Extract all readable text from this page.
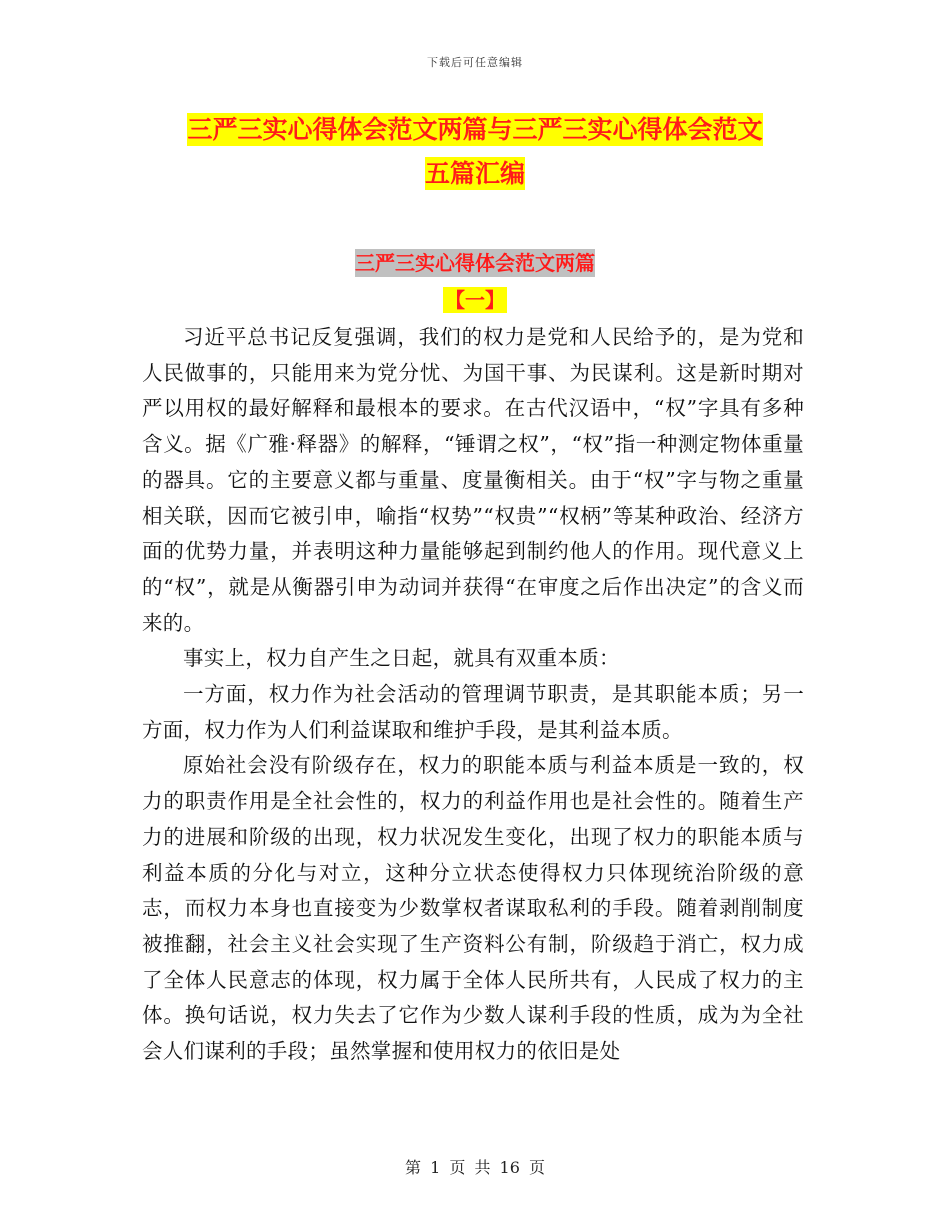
下载后可任意编辑
三严三实心得体会范文两篇与三严三实心得体会范文
五篇汇编
三严三实心得体会范文两篇
【一】

习近平总书记反复强调，我们的权力是党和人民给予的，是为党和人民做事的，只能用来为党分忧、为国干事、为民谋利。这是新时期对严以用权的最好解释和最根本的要求。在古代汉语中，“权”字具有多种含义。据《广雅·释器》的解释，“锤谓之权”，“权”指一种测定物体重量的器具。它的主要意义都与重量、度量衡相关。由于“权”字与物之重量相关联，因而它被引申，喻指“权势”“权贵”“权柄”等某种政治、经济方面的优势力量，并表明这种力量能够起到制约他人的作用。现代意义上的“权”，就是从衡器引申为动词并获得“在审度之后作出决定”的含义而来的。

事实上，权力自产生之日起，就具有双重本质：

一方面，权力作为社会活动的管理调节职责，是其职能本质；另一方面，权力作为人们利益谋取和维护手段，是其利益本质。

原始社会没有阶级存在，权力的职能本质与利益本质是一致的，权力的职责作用是全社会性的，权力的利益作用也是社会性的。随着生产力的进展和阶级的出现，权力状况发生变化，出现了权力的职能本质与利益本质的分化与对立，这种分立状态使得权力只体现统治阶级的意志，而权力本身也直接变为少数掌权者谋取私利的手段。随着剥削制度被推翻，社会主义社会实现了生产资料公有制，阶级趋于消亡，权力成了全体人民意志的体现，权力属于全体人民所共有，人民成了权力的主体。换句话说，权力失去了它作为少数人谋利手段的性质，成为为全社会人们谋利的手段；虽然掌握和使用权力的依旧是处

第 1 页 共 16 页
